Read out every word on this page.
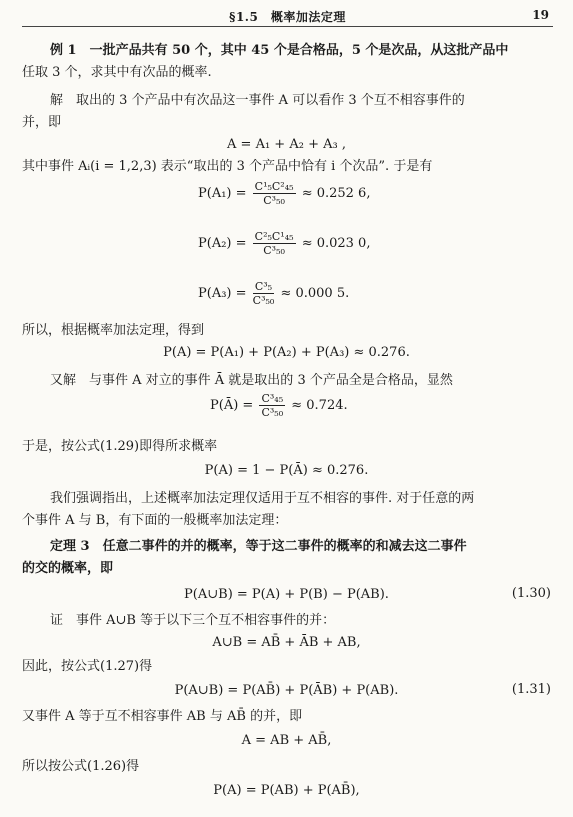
§1.5　概率加法定理	19
例 1　一批产品共有 50 个，其中 45 个是合格品，5 个是次品，从这批产品中
任取 3 个，求其中有次品的概率.
解　取出的 3 个产品中有次品这一事件 A 可以看作 3 个互不相容事件的
并，即
A = A₁ + A₂ + A₃ ,
其中事件 Aᵢ(i = 1,2,3) 表示“取出的 3 个产品中恰有 i 个次品”. 于是有
$P(A_1) = \frac{\text{C¹₅C²₄₅}}{\text{C³₅₀}} \approx 0.252$ 6,
$P(A_2) = \frac{\text{C²₅C¹₄₅}}{\text{C³₅₀}} \approx 0.023$ 0,
$P(A_3) = \frac{\text{C³₅}}{\text{C³₅₀}} \approx 0.000$ 5.
所以，根据概率加法定理，得到
P(A) = P(A₁) + P(A₂) + P(A₃) ≈ 0.276.
又解　与事件 A 对立的事件 Ā 就是取出的 3 个产品全是合格品，显然
P(Ā) = $\frac{\text{C³₄₅}}{\text{C³₅₀}} \approx 0.724$.
于是，按公式(1.29)即得所求概率
P(A) = 1 − P(Ā) ≈ 0.276.
我们强调指出，上述概率加法定理仅适用于互不相容的事件. 对于任意的两
个事件 A 与 B，有下面的一般概率加法定理：
定理 3　任意二事件的并的概率，等于这二事件的概率的和减去这二事件
的交的概率，即
P(A∪B) = P(A) + P(B) − P(AB).	(1.30)
证　事件 A∪B 等于以下三个互不相容事件的并：
A∪B = AB̄ + ĀB + AB,
因此，按公式(1.27)得
P(A∪B) = P(AB̄) + P(ĀB) + P(AB).	(1.31)
又事件 A 等于互不相容事件 AB 与 AB̄ 的并，即
A = AB + AB̄,
所以按公式(1.26)得
P(A) = P(AB) + P(AB̄),
